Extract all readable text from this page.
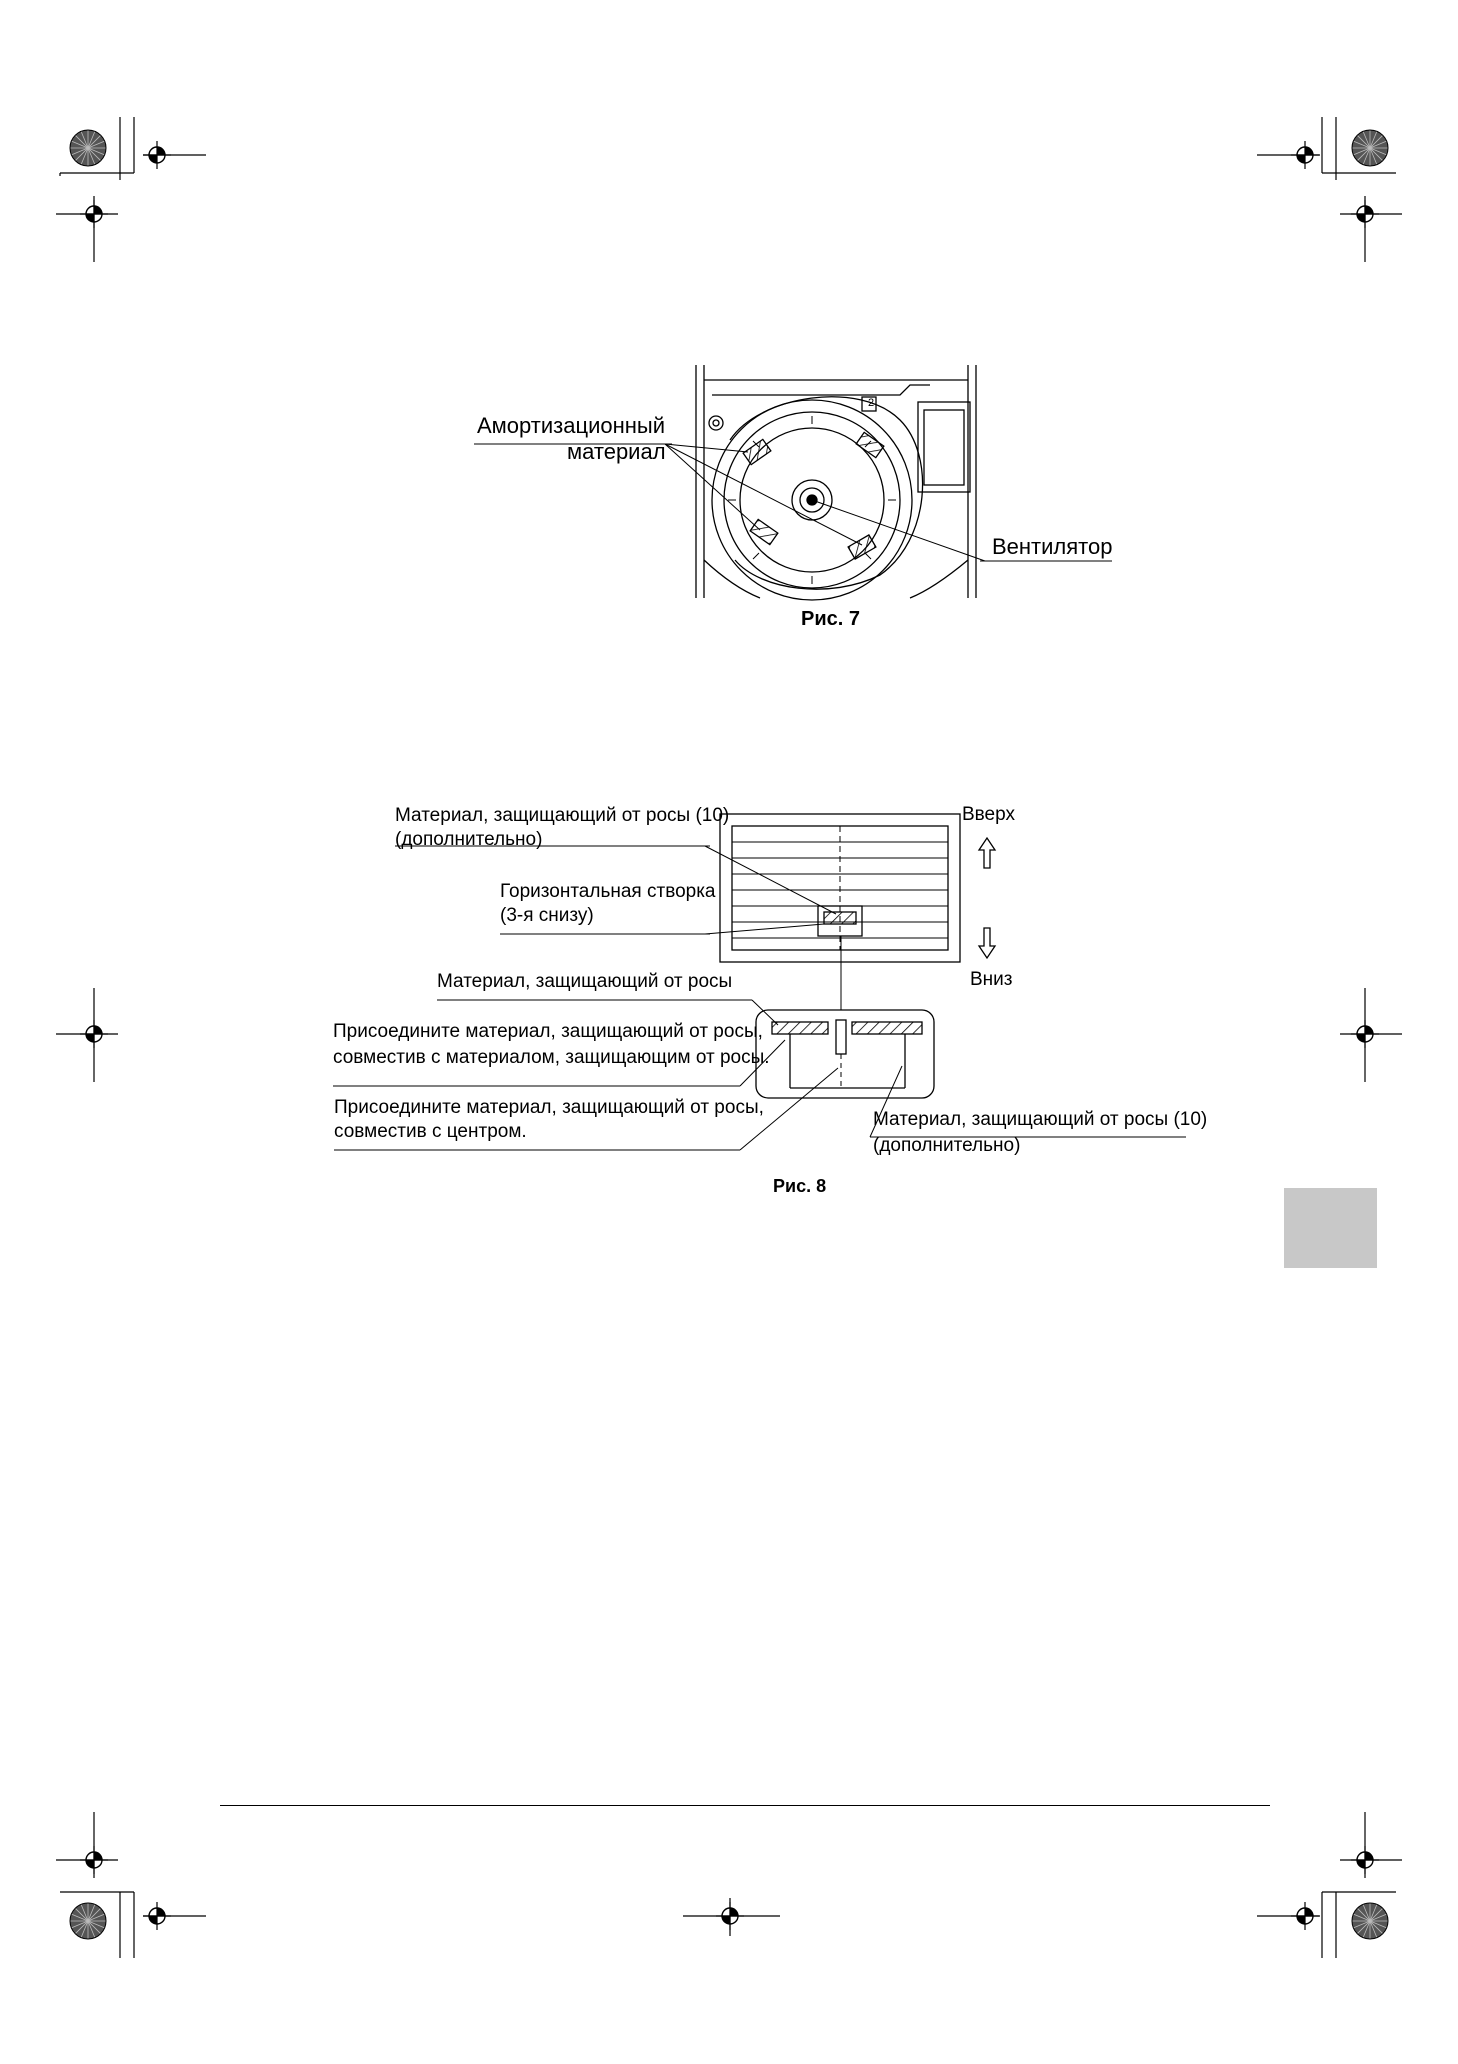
Амортизационный
материал
Вентилятор
2
Рис. 7
Материал, защищающий от росы (10)
(дополнительно)
Горизонтальная створка
(3-я снизу)
Материал, защищающий от росы
Присоедините материал, защищающий от росы,
совместив с материалом, защищающим от росы.
Присоедините материал, защищающий от росы,
совместив с центром.
Материал, защищающий от росы (10)
(дополнительно)
Вверх
Вниз
Рис. 8
